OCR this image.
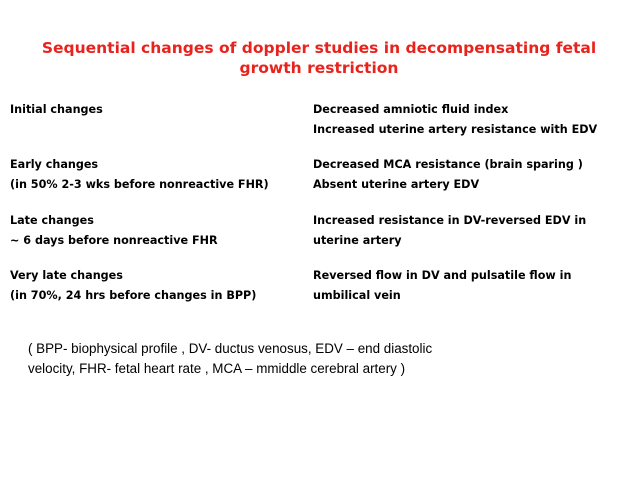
Sequential changes of doppler studies in decompensating fetal
growth restriction
Initial changes	Decreased amniotic fluid index
Increased uterine artery resistance with EDV
Early changes
(in 50% 2-3 wks before nonreactive FHR)
Decreased MCA resistance (brain sparing )
Absent uterine artery EDV
Late changes
~ 6 days before nonreactive FHR
Increased resistance in DV-reversed EDV in
uterine artery
Very late changes
(in 70%, 24 hrs before changes in BPP)
Reversed flow in DV and pulsatile flow in
umbilical vein
( BPP- biophysical profile , DV- ductus venosus, EDV – end diastolic
velocity, FHR- fetal heart rate , MCA – mmiddle cerebral artery )
